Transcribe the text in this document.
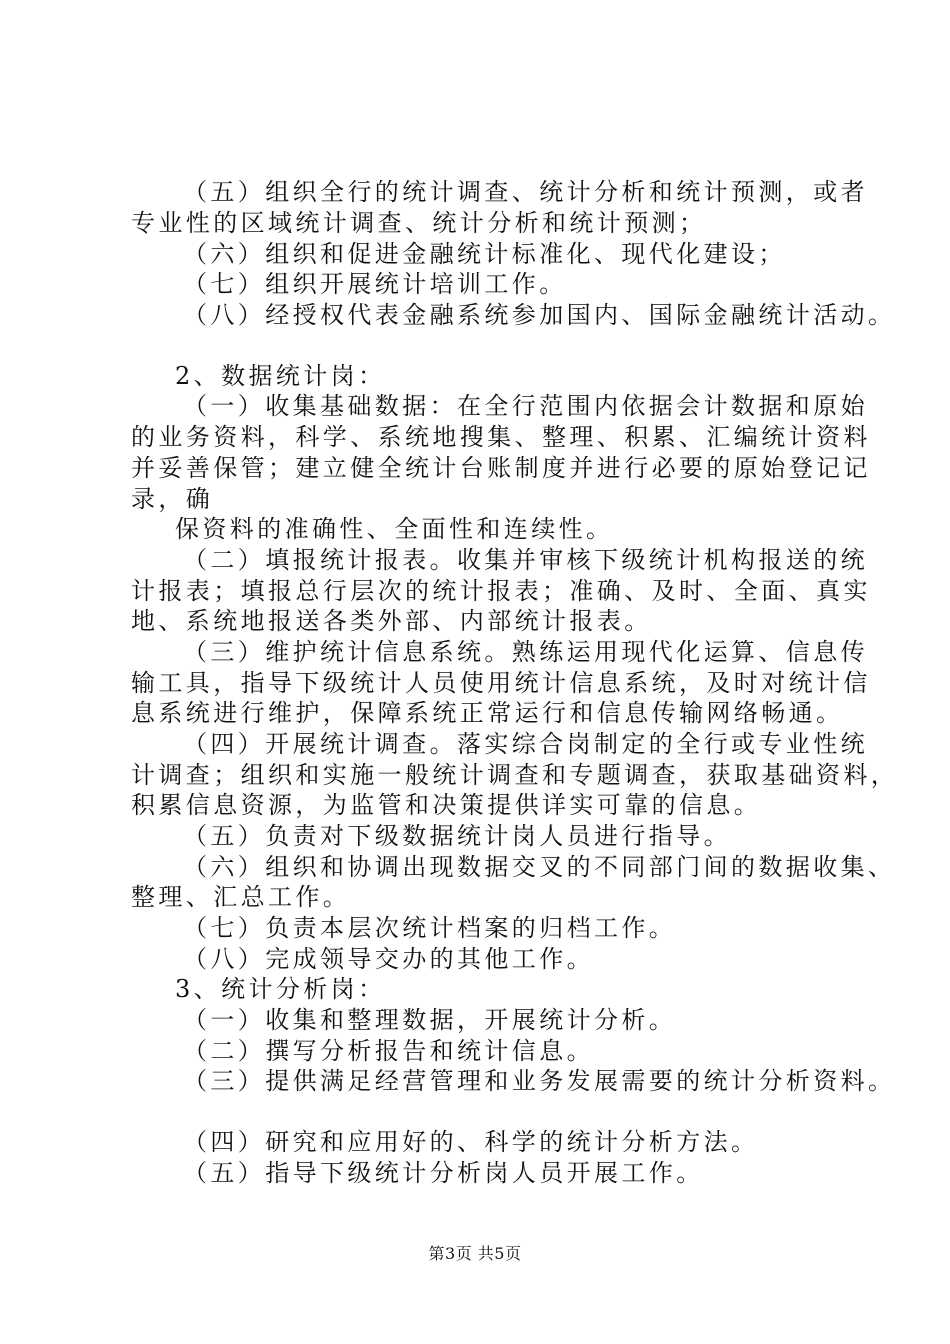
（五）组织全行的统计调查、统计分析和统计预测，或者

专业性的区域统计调查、统计分析和统计预测；

（六）组织和促进金融统计标准化、现代化建设；

（七）组织开展统计培训工作。

（八）经授权代表金融系统参加国内、国际金融统计活动。

2、数据统计岗：

（一）收集基础数据：在全行范围内依据会计数据和原始

的业务资料，科学、系统地搜集、整理、积累、汇编统计资料

并妥善保管；建立健全统计台账制度并进行必要的原始登记记

录，确

保资料的准确性、全面性和连续性。

（二）填报统计报表。收集并审核下级统计机构报送的统

计报表；填报总行层次的统计报表；准确、及时、全面、真实

地、系统地报送各类外部、内部统计报表。

（三）维护统计信息系统。熟练运用现代化运算、信息传

输工具，指导下级统计人员使用统计信息系统，及时对统计信

息系统进行维护，保障系统正常运行和信息传输网络畅通。

（四）开展统计调查。落实综合岗制定的全行或专业性统

计调查；组织和实施一般统计调查和专题调查，获取基础资料，

积累信息资源，为监管和决策提供详实可靠的信息。

（五）负责对下级数据统计岗人员进行指导。

（六）组织和协调出现数据交叉的不同部门间的数据收集、

整理、汇总工作。

（七）负责本层次统计档案的归档工作。

（八）完成领导交办的其他工作。

3、统计分析岗：

（一）收集和整理数据，开展统计分析。

（二）撰写分析报告和统计信息。

（三）提供满足经营管理和业务发展需要的统计分析资料。

（四）研究和应用好的、科学的统计分析方法。

（五）指导下级统计分析岗人员开展工作。

第3页 共5页
